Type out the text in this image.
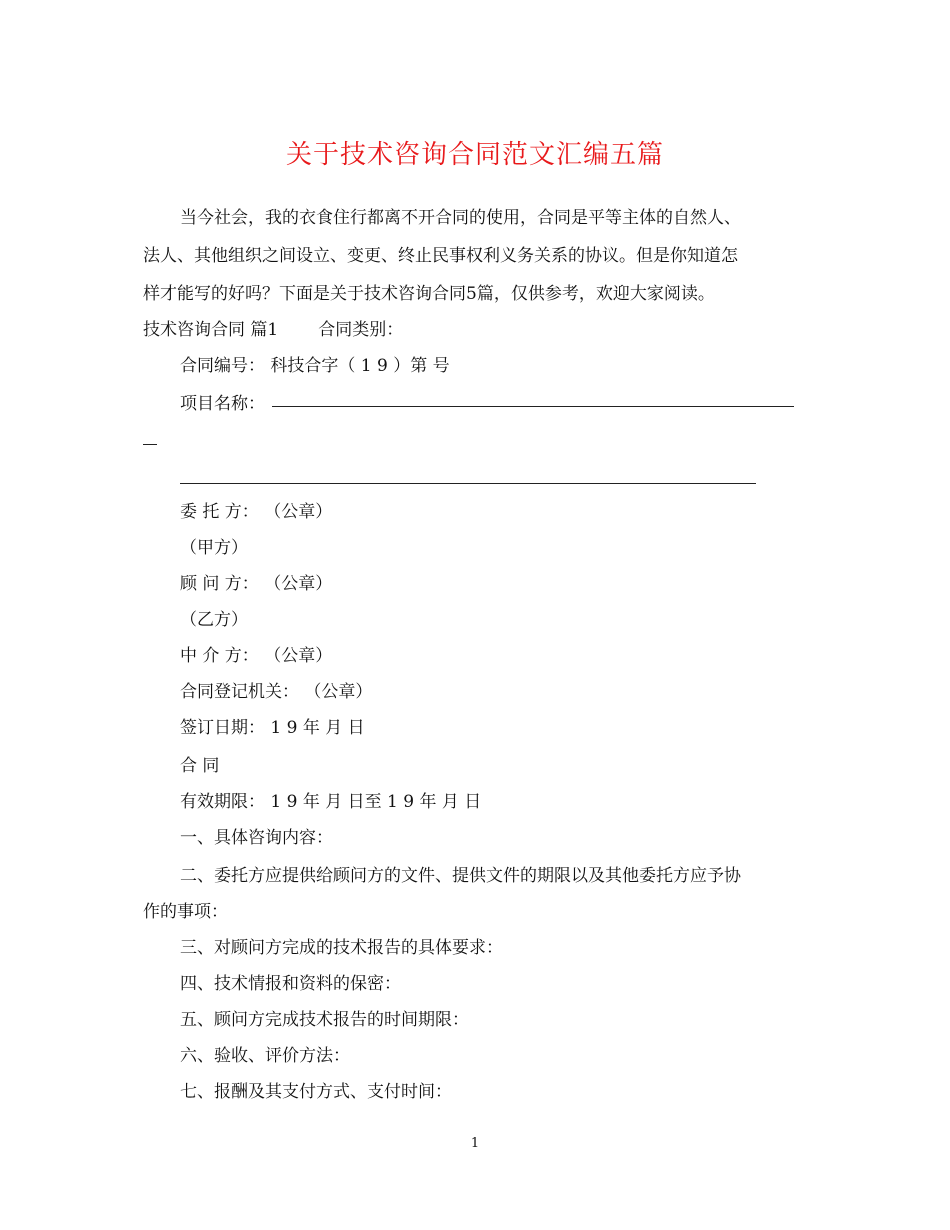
关于技术咨询合同范文汇编五篇
当今社会，我的衣食住行都离不开合同的使用，合同是平等主体的自然人、
法人、其他组织之间设立、变更、终止民事权利义务关系的协议。但是你知道怎
样才能写的好吗？下面是关于技术咨询合同5篇，仅供参考，欢迎大家阅读。
技术咨询合同 篇1 合同类别：
合同编号： 科技合字（ 1 9 ）第 号
项目名称：
委 托 方： （公章）
（甲方）
顾 问 方： （公章）
（乙方）
中 介 方： （公章）
合同登记机关： （公章）
签订日期： 1 9 年 月 日
合 同
有效期限： 1 9 年 月 日至 1 9 年 月 日
一、具体咨询内容：
二、委托方应提供给顾问方的文件、提供文件的期限以及其他委托方应予协
作的事项：
三、对顾问方完成的技术报告的具体要求：
四、技术情报和资料的保密：
五、顾问方完成技术报告的时间期限：
六、验收、评价方法：
七、报酬及其支付方式、支付时间：
1
